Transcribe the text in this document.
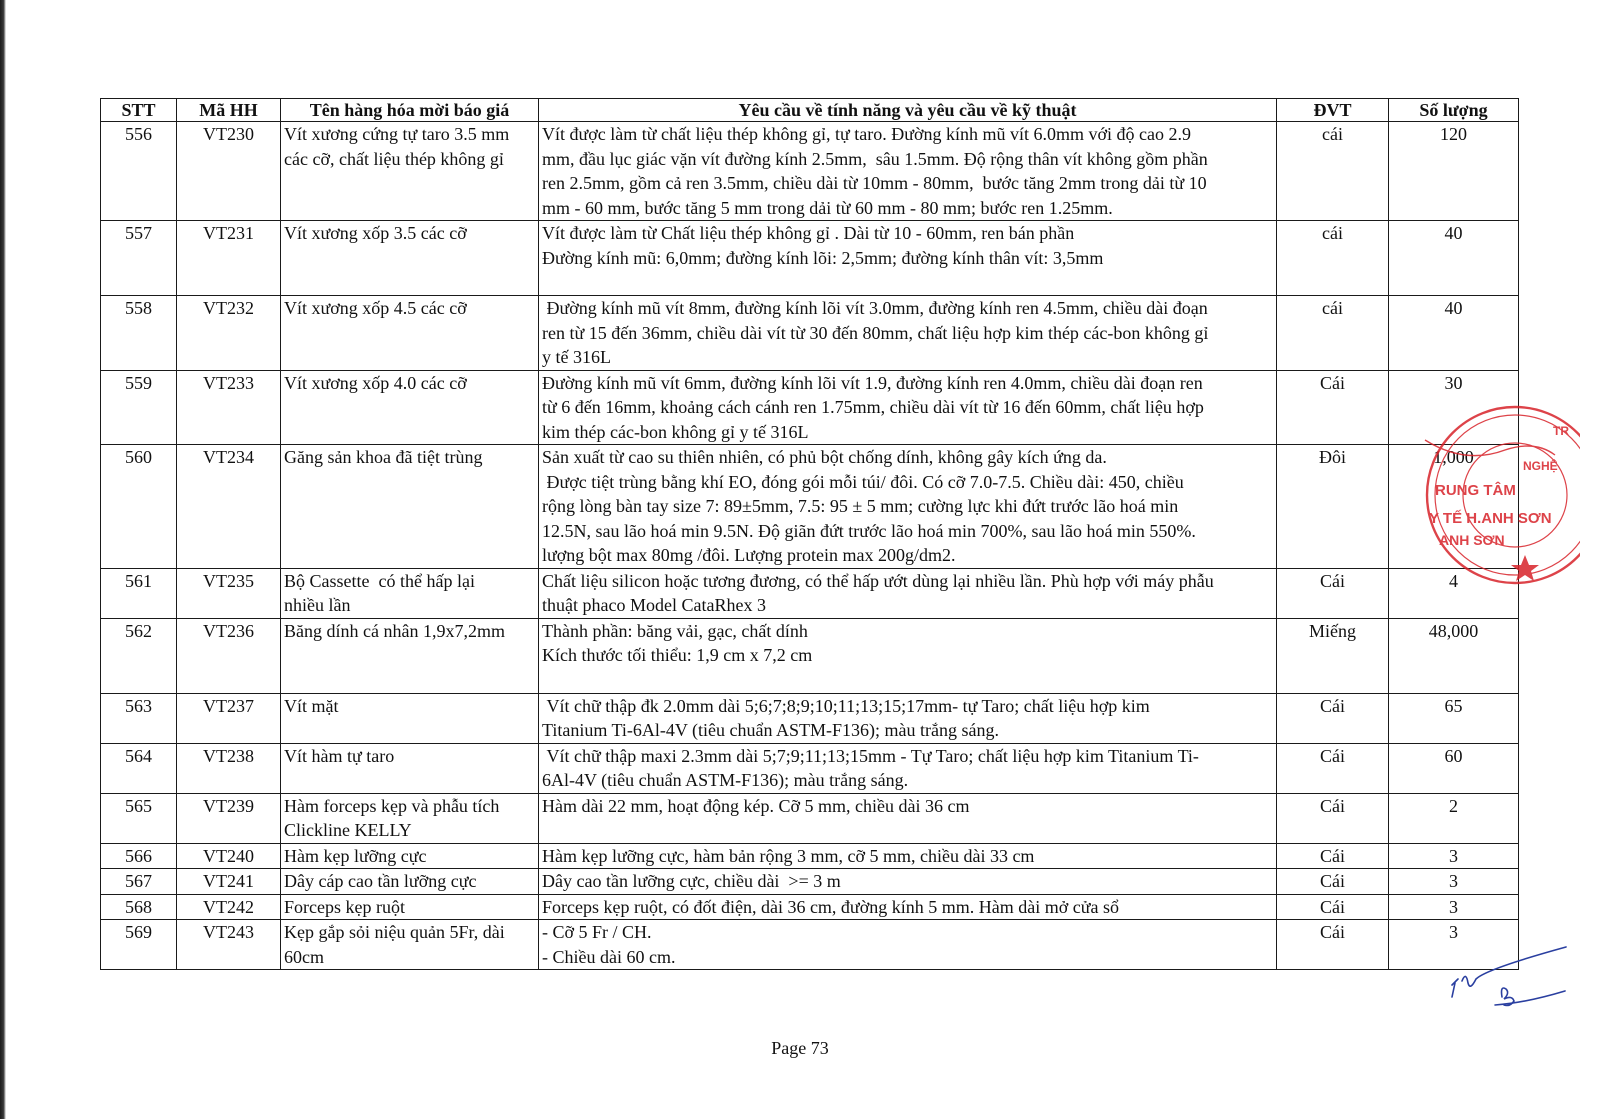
STT	Mã HH	Tên hàng hóa mời báo giá	Yêu cầu về tính năng và yêu cầu về kỹ thuật	ĐVT	Số lượng
556	VT230	Vít xương cứng tự taro 3.5 mm
các cỡ, chất liệu thép không gỉ	Vít được làm từ chất liệu thép không gỉ, tự taro. Đường kính mũ vít 6.0mm với độ cao 2.9
mm, đầu lục giác vặn vít đường kính 2.5mm,  sâu 1.5mm. Độ rộng thân vít không gồm phần
ren 2.5mm, gồm cả ren 3.5mm, chiều dài từ 10mm - 80mm,  bước tăng 2mm trong dải từ 10
mm - 60 mm, bước tăng 5 mm trong dải từ 60 mm - 80 mm; bước ren 1.25mm.	cái	120
557	VT231	Vít xương xốp 3.5 các cỡ	Vít được làm từ Chất liệu thép không gỉ . Dài từ 10 - 60mm, ren bán phần
Đường kính mũ: 6,0mm; đường kính lõi: 2,5mm; đường kính thân vít: 3,5mm	cái	40
558	VT232	Vít xương xốp 4.5 các cỡ	Đường kính mũ vít 8mm, đường kính lõi vít 3.0mm, đường kính ren 4.5mm, chiều dài đoạn
ren từ 15 đến 36mm, chiều dài vít từ 30 đến 80mm, chất liệu hợp kim thép các-bon không gỉ
y tế 316L	cái	40
559	VT233	Vít xương xốp 4.0 các cỡ	Đường kính mũ vít 6mm, đường kính lõi vít 1.9, đường kính ren 4.0mm, chiều dài đoạn ren
từ 6 đến 16mm, khoảng cách cánh ren 1.75mm, chiều dài vít từ 16 đến 60mm, chất liệu hợp
kim thép các-bon không gỉ y tế 316L	Cái	30
560	VT234	Găng sản khoa đã tiệt trùng	Sản xuất từ cao su thiên nhiên, có phủ bột chống dính, không gây kích ứng da.
Được tiệt trùng bằng khí EO, đóng gói mỗi túi/ đôi. Có cỡ 7.0-7.5. Chiều dài: 450, chiều
rộng lòng bàn tay size 7: 89±5mm, 7.5: 95 ± 5 mm; cường lực khi đứt trước lão hoá min
12.5N, sau lão hoá min 9.5N. Độ giãn đứt trước lão hoá min 700%, sau lão hoá min 550%.
lượng bột max 80mg /đôi. Lượng protein max 200g/dm2.	Đôi	1,000
561	VT235	Bộ Cassette  có thể hấp lại
nhiều lần	Chất liệu silicon hoặc tương đương, có thể hấp ướt dùng lại nhiều lần. Phù hợp với máy phẫu
thuật phaco Model CataRhex 3	Cái	4
562	VT236	Băng dính cá nhân 1,9x7,2mm	Thành phần: băng vải, gạc, chất dính
Kích thước tối thiểu: 1,9 cm x 7,2 cm	Miếng	48,000
563	VT237	Vít mặt	Vít chữ thập đk 2.0mm dài 5;6;7;8;9;10;11;13;15;17mm- tự Taro; chất liệu hợp kim
Titanium Ti-6Al-4V (tiêu chuẩn ASTM-F136); màu trắng sáng.	Cái	65
564	VT238	Vít hàm tự taro	Vít chữ thập maxi 2.3mm dài 5;7;9;11;13;15mm - Tự Taro; chất liệu hợp kim Titanium Ti-
6Al-4V (tiêu chuẩn ASTM-F136); màu trắng sáng.	Cái	60
565	VT239	Hàm forceps kẹp và phẫu tích
Clickline KELLY	Hàm dài 22 mm, hoạt động kép. Cỡ 5 mm, chiều dài 36 cm	Cái	2
566	VT240	Hàm kẹp lưỡng cực	Hàm kẹp lưỡng cực, hàm bản rộng 3 mm, cỡ 5 mm, chiều dài 33 cm	Cái	3
567	VT241	Dây cáp cao tần lưỡng cực	Dây cao tần lưỡng cực, chiều dài  >= 3 m	Cái	3
568	VT242	Forceps kẹp ruột	Forceps kẹp ruột, có đốt điện, dài 36 cm, đường kính 5 mm. Hàm dài mở cửa sổ	Cái	3
569	VT243	Kẹp gắp sỏi niệu quản 5Fr, dài
60cm	- Cỡ 5 Fr / CH.
- Chiều dài 60 cm.	Cái	3
TR
RUNG TÂM
Y TẾ H.ANH SƠN
ANH SƠN
NGHỆ
Page 73
